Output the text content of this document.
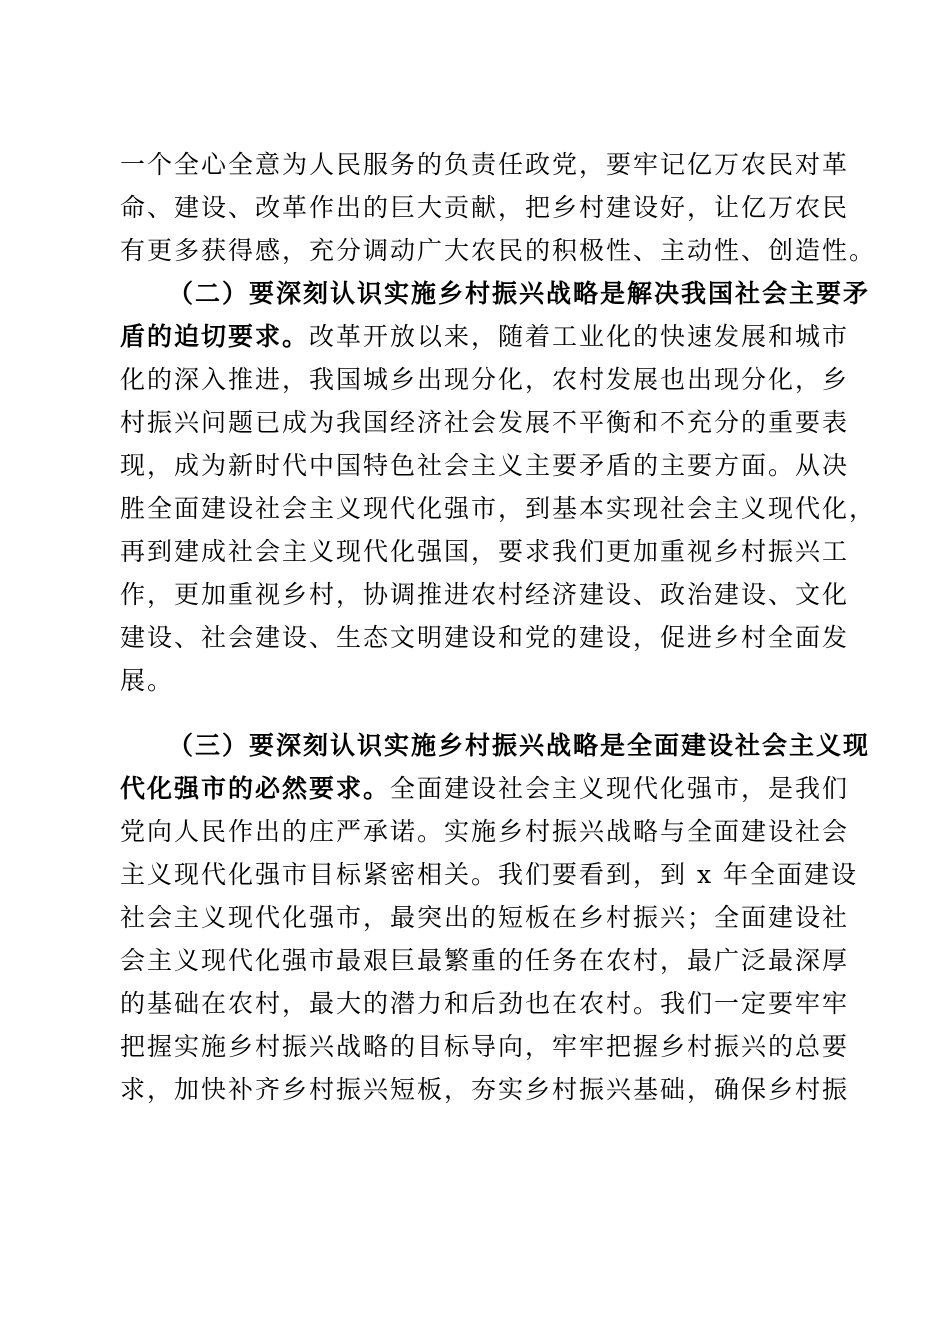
一个全心全意为人民服务的负责任政党，要牢记亿万农民对革
命、建设、改革作出的巨大贡献，把乡村建设好，让亿万农民
有更多获得感，充分调动广大农民的积极性、主动性、创造性。
（二）要深刻认识实施乡村振兴战略是解决我国社会主要矛
盾的迫切要求。改革开放以来，随着工业化的快速发展和城市
化的深入推进，我国城乡出现分化，农村发展也出现分化，乡
村振兴问题已成为我国经济社会发展不平衡和不充分的重要表
现，成为新时代中国特色社会主义主要矛盾的主要方面。从决
胜全面建设社会主义现代化强市，到基本实现社会主义现代化，
再到建成社会主义现代化强国，要求我们更加重视乡村振兴工
作，更加重视乡村，协调推进农村经济建设、政治建设、文化
建设、社会建设、生态文明建设和党的建设，促进乡村全面发
展。
（三）要深刻认识实施乡村振兴战略是全面建设社会主义现
代化强市的必然要求。全面建设社会主义现代化强市，是我们
党向人民作出的庄严承诺。实施乡村振兴战略与全面建设社会
主义现代化强市目标紧密相关。我们要看到，到 x 年全面建设
社会主义现代化强市，最突出的短板在乡村振兴；全面建设社
会主义现代化强市最艰巨最繁重的任务在农村，最广泛最深厚
的基础在农村，最大的潜力和后劲也在农村。我们一定要牢牢
把握实施乡村振兴战略的目标导向，牢牢把握乡村振兴的总要
求，加快补齐乡村振兴短板，夯实乡村振兴基础，确保乡村振
